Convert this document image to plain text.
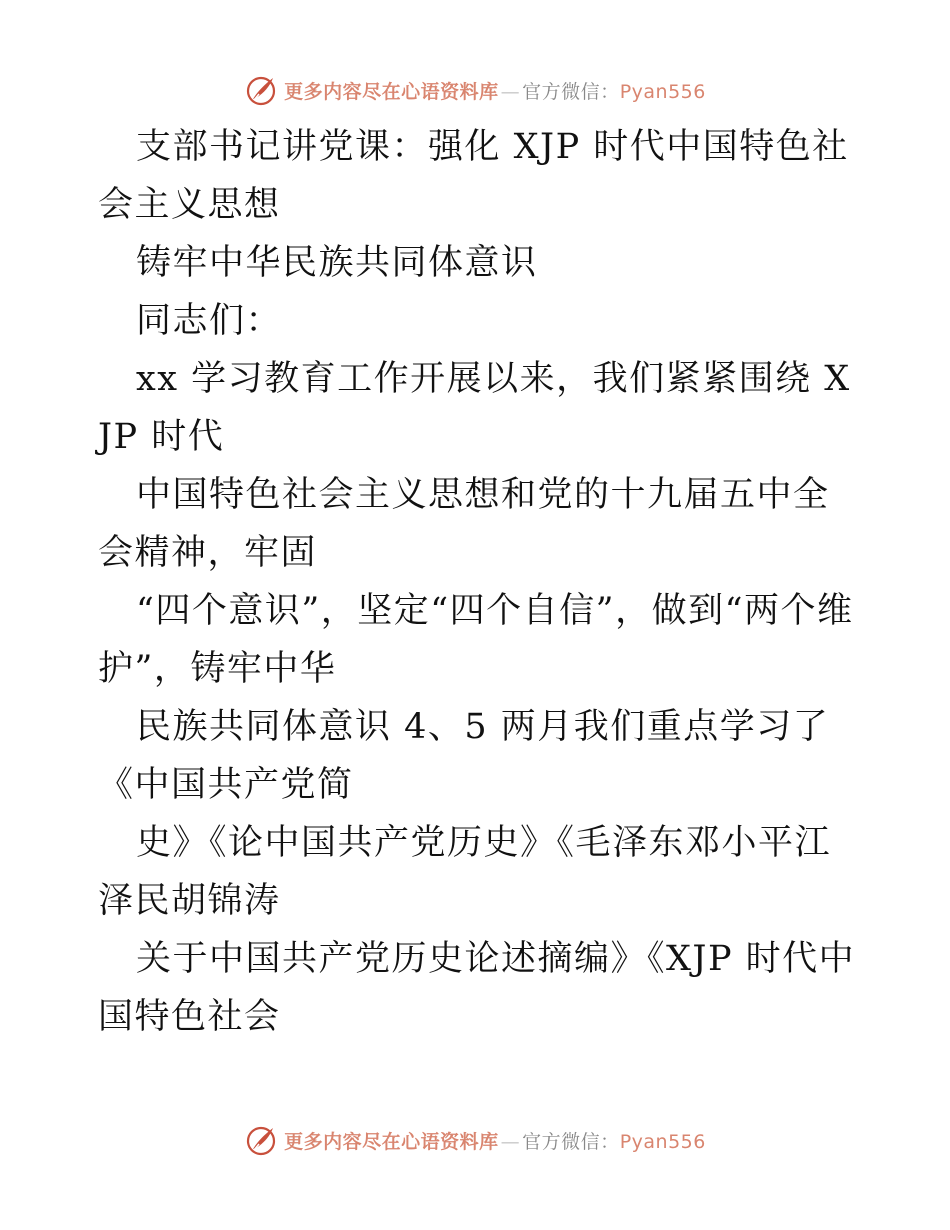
更多内容尽在心语资料库 — 官方微信：Pyan556

支部书记讲党课：强化 XJP 时代中国特色社会主义思想

铸牢中华民族共同体意识

同志们：

xx 学习教育工作开展以来，我们紧紧围绕 XJP 时代

中国特色社会主义思想和党的十九届五中全会精神，牢固

“四个意识”，坚定“四个自信”，做到“两个维护”，铸牢中华

民族共同体意识 4、5 两月我们重点学习了《中国共产党简

史》《论中国共产党历史》《毛泽东邓小平江泽民胡锦涛

关于中国共产党历史论述摘编》《XJP 时代中国特色社会

更多内容尽在心语资料库 — 官方微信：Pyan556
